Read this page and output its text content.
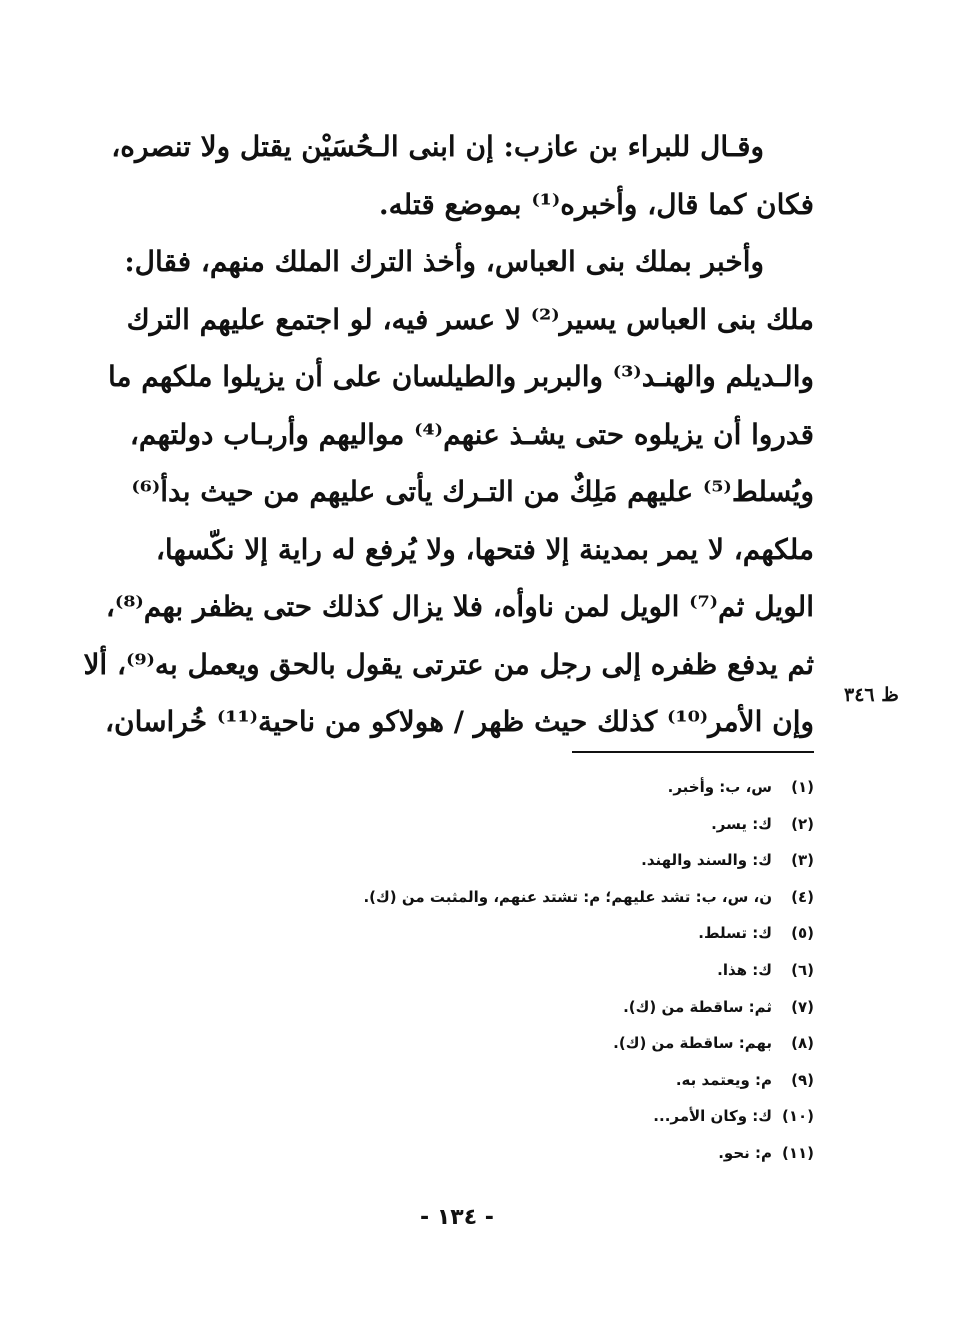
وقـال للبراء بن عازب: إن ابنى الـحُسَيْن يقتل ولا تنصره،
فكان كما قال، وأخبره⁽¹⁾ بموضع قتله.
وأخبر بملك بنى العباس، وأخذ الترك الملك منهم، فقال:
ملك بنى العباس يسير⁽²⁾ لا عسر فيه، لو اجتمع عليهم الترك
والـديلم والهنـد⁽³⁾ والبربر والطيلسان على أن يزيلوا ملكهم ما
قدروا أن يزيلوه حتى يشـذ عنهم⁽⁴⁾ مواليهم وأربـاب دولتهم،
ويُسلط⁽⁵⁾ عليهم مَلِكٌ من التـرك يأتى عليهم من حيث بدأ⁽⁶⁾
ملكهم، لا يمر بمدينة إلا فتحها، ولا يُرفع له راية إلا نكّسها،
الويل ثم⁽⁷⁾ الويل لمن ناوأه، فلا يزال كذلك حتى يظفر بهم⁽⁸⁾،
ثم يدفع ظفره إلى رجل من عترتى يقول بالحق ويعمل به⁽⁹⁾، ألا
وإن الأمر⁽¹⁰⁾ كذلك حيث ظهر / هولاكو من ناحية⁽¹¹⁾ خُراسان،
ظ ٣٤٦
(١)س، ب: وأخبر.
(٢)ك: يسر.
(٣)ك: والسند والهند.
(٤)ن، س، ب: تشد عليهم؛ م: تشتد عنهم، والمثبت من (ك).
(٥)ك: تسلط.
(٦)ك: هذا.
(٧)ثم: ساقطة من (ك).
(٨)بهم: ساقطة من (ك).
(٩)م: ويعتمد به.
(١٠)ك: وكان الأمر...
(١١)م: نحو.
- ١٣٤ -
